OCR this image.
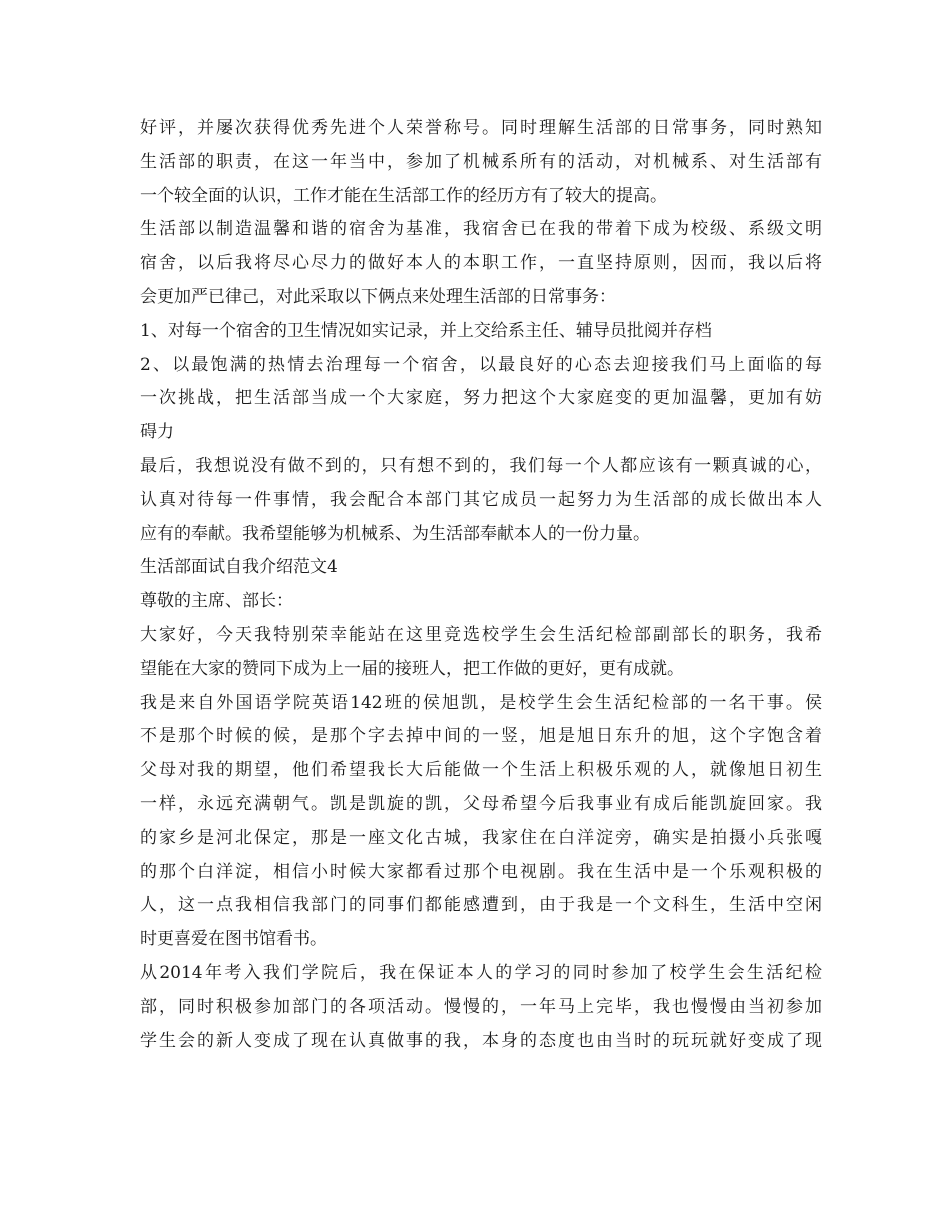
好评，并屡次获得优秀先进个人荣誉称号。同时理解生活部的日常事务，同时熟知
生活部的职责，在这一年当中，参加了机械系所有的活动，对机械系、对生活部有
一个较全面的认识，工作才能在生活部工作的经历方有了较大的提高。
生活部以制造温馨和谐的宿舍为基准，我宿舍已在我的带着下成为校级、系级文明
宿舍，以后我将尽心尽力的做好本人的本职工作，一直坚持原则，因而，我以后将
会更加严已律己，对此采取以下俩点来处理生活部的日常事务：
1、对每一个宿舍的卫生情况如实记录，并上交给系主任、辅导员批阅并存档
2、以最饱满的热情去治理每一个宿舍，以最良好的心态去迎接我们马上面临的每
一次挑战，把生活部当成一个大家庭，努力把这个大家庭变的更加温馨，更加有妨
碍力
最后，我想说没有做不到的，只有想不到的，我们每一个人都应该有一颗真诚的心，
认真对待每一件事情，我会配合本部门其它成员一起努力为生活部的成长做出本人
应有的奉献。我希望能够为机械系、为生活部奉献本人的一份力量。
生活部面试自我介绍范文4
尊敬的主席、部长：
大家好，今天我特别荣幸能站在这里竞选校学生会生活纪检部副部长的职务，我希
望能在大家的赞同下成为上一届的接班人，把工作做的更好，更有成就。
我是来自外国语学院英语142班的侯旭凯，是校学生会生活纪检部的一名干事。侯
不是那个时候的候，是那个字去掉中间的一竖，旭是旭日东升的旭，这个字饱含着
父母对我的期望，他们希望我长大后能做一个生活上积极乐观的人，就像旭日初生
一样，永远充满朝气。凯是凯旋的凯，父母希望今后我事业有成后能凯旋回家。我
的家乡是河北保定，那是一座文化古城，我家住在白洋淀旁，确实是拍摄小兵张嘎
的那个白洋淀，相信小时候大家都看过那个电视剧。我在生活中是一个乐观积极的
人，这一点我相信我部门的同事们都能感遭到，由于我是一个文科生，生活中空闲
时更喜爱在图书馆看书。
从2014年考入我们学院后，我在保证本人的学习的同时参加了校学生会生活纪检
部，同时积极参加部门的各项活动。慢慢的，一年马上完毕，我也慢慢由当初参加
学生会的新人变成了现在认真做事的我，本身的态度也由当时的玩玩就好变成了现
